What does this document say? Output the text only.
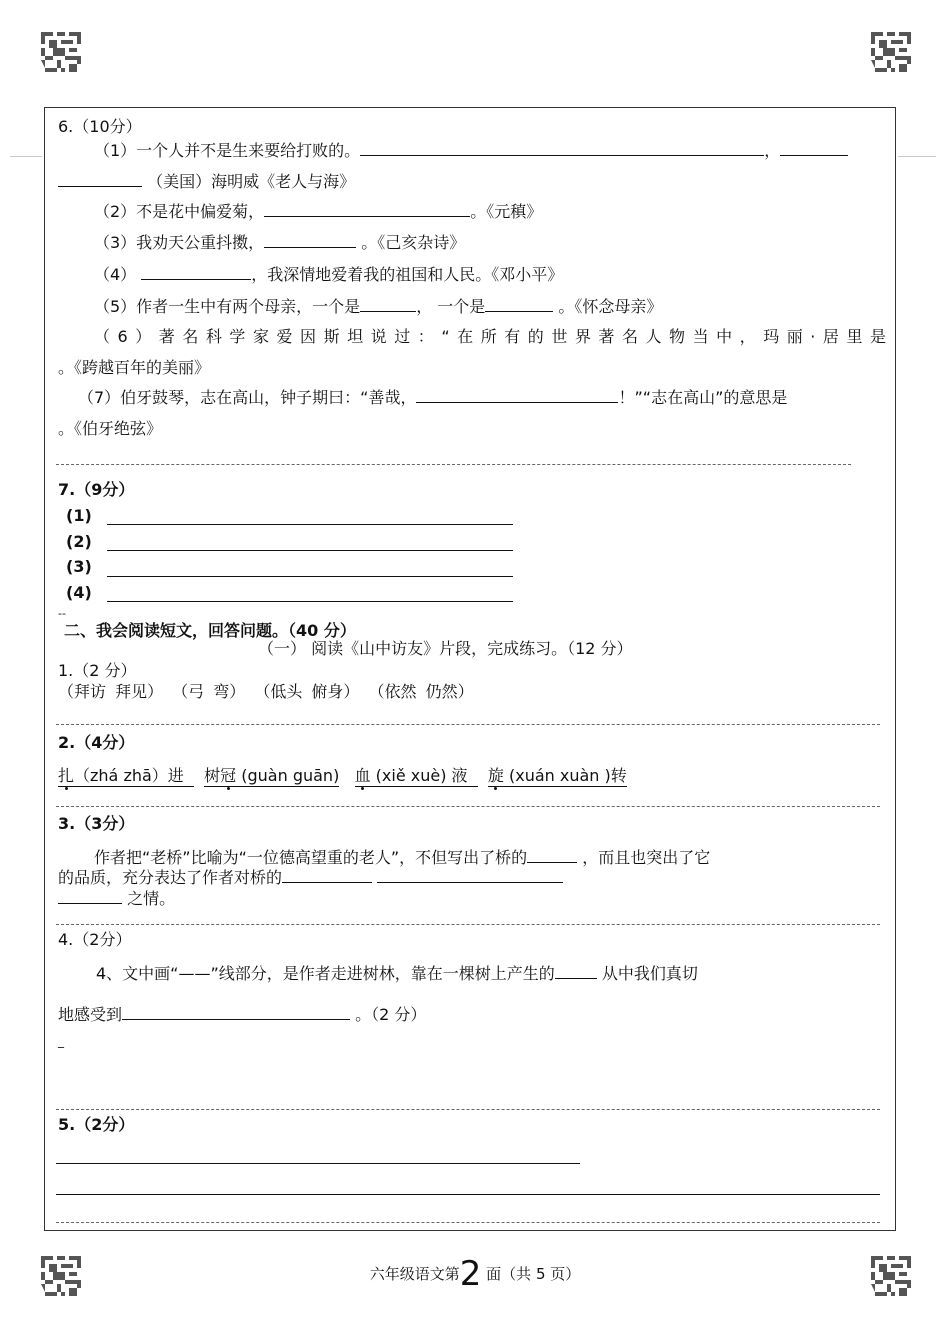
6.（10分）
（1）一个人并不是生来要给打败的。	，
（美国）海明威《老人与海》
（2）不是花中偏爱菊，	。《元稹》
（3）我劝天公重抖擞，	。《己亥杂诗》
（4）	，我深情地爱着我的祖国和人民。《邓小平》
（5）作者一生中有两个母亲，一个是	， 一个是	。《怀念母亲》
（6）著名科学家爱因斯坦说过：“在所有的世界著名人物当中，玛丽·居里是
。《跨越百年的美丽》
（7）伯牙鼓琴，志在高山，钟子期曰：“善哉，	！”“志在高山”的意思是
。《伯牙绝弦》
7.（9分）
(1)
(2)
(3)
(4)
--
二、我会阅读短文，回答问题。（40 分）
（一） 阅读《山中访友》片段，完成练习。（12 分）
1.（2 分）
（拜访 拜见） （弓 弯） （低头 俯身） （依然 仍然）
2.（4分）
扎（zhá zhā）进 树冠 (guàn guān) 血 (xiě xuè) 液 旋 (xuán xuàn )转
3.（3分）
作者把“老桥”比喻为“一位德高望重的老人”，不但写出了桥的	，而且也突出了它
的品质，充分表达了作者对桥的
之情。
4.（2分）
4、文中画“——”线部分，是作者走进树林，靠在一棵树上产生的	从中我们真切
地感受到	。（2 分）
_
5.（2分）
六年级语文第2 面（共 5 页）
